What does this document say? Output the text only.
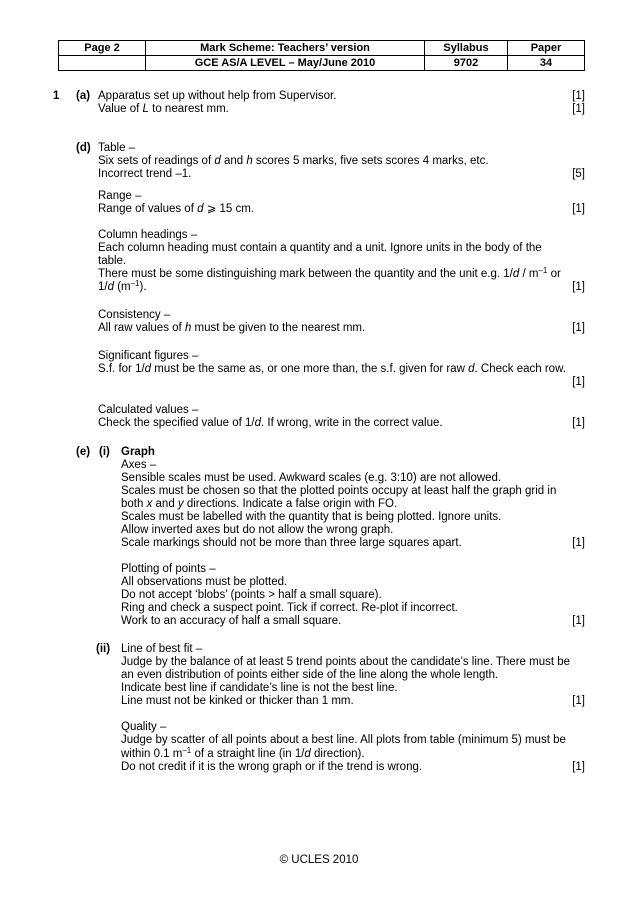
Page 2	Mark Scheme: Teachers’ version	Syllabus	Paper
	GCE AS/A LEVEL – May/June 2010	9702	34
1 (a) Apparatus set up without help from Supervisor.	[1]
Value of L to nearest mm.	[1]
(d) Table –
Six sets of readings of d and h scores 5 marks, five sets scores 4 marks, etc.
Incorrect trend –1.	[5]
Range –
Range of values of d ⩾ 15 cm.	[1]
Column headings –
Each column heading must contain a quantity and a unit. Ignore units in the body of the
table.
There must be some distinguishing mark between the quantity and the unit e.g. $1/d / m^{-1}$ or
1/d $(m^{-1})$.	[1]
Consistency –
All raw values of h must be given to the nearest mm.	[1]
Significant figures –
S.f. for 1/d must be the same as, or one more than, the s.f. given for raw d. Check each row.
[1]
Calculated values –
Check the specified value of 1/d. If wrong, write in the correct value.	[1]
(e) (i) Graph
Axes –
Sensible scales must be used. Awkward scales (e.g. 3:10) are not allowed.
Scales must be chosen so that the plotted points occupy at least half the graph grid in
both x and y directions. Indicate a false origin with FO.
Scales must be labelled with the quantity that is being plotted. Ignore units.
Allow inverted axes but do not allow the wrong graph.
Scale markings should not be more than three large squares apart.	[1]
Plotting of points –
All observations must be plotted.
Do not accept ‘blobs’ (points > half a small square).
Ring and check a suspect point. Tick if correct. Re-plot if incorrect.
Work to an accuracy of half a small square.	[1]
(ii) Line of best fit –
Judge by the balance of at least 5 trend points about the candidate’s line. There must be
an even distribution of points either side of the line along the whole length.
Indicate best line if candidate’s line is not the best line.
Line must not be kinked or thicker than 1 mm.	[1]
Quality –
Judge by scatter of all points about a best line. All plots from table (minimum 5) must be
within 0.1 $m^{-1}$ of a straight line (in 1/d direction).
Do not credit if it is the wrong graph or if the trend is wrong.	[1]
© UCLES 2010
